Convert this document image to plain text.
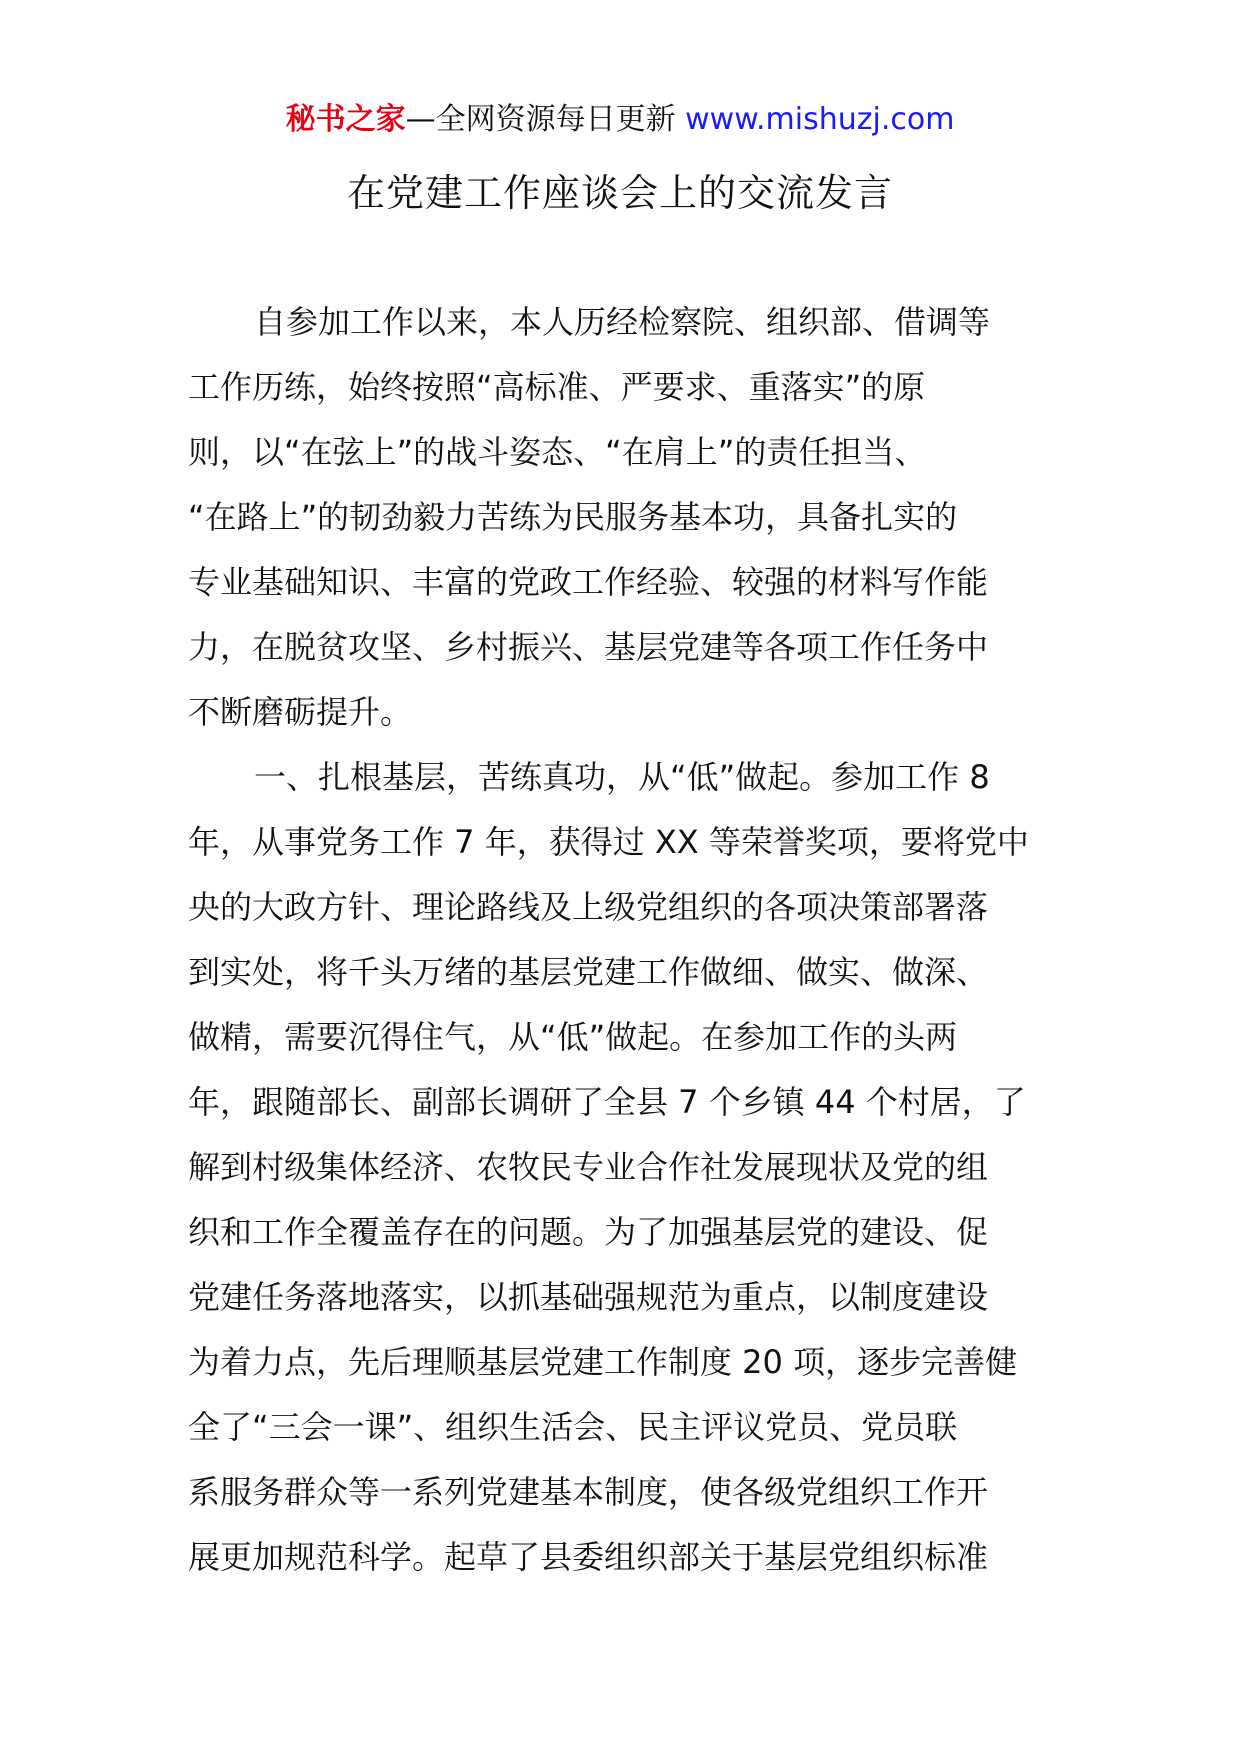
秘书之家—全网资源每日更新 www.mishuzj.com
在党建工作座谈会上的交流发言
自参加工作以来，本人历经检察院、组织部、借调等
工作历练，始终按照“高标准、严要求、重落实”的原
则，以“在弦上”的战斗姿态、“在肩上”的责任担当、
“在路上”的韧劲毅力苦练为民服务基本功，具备扎实的
专业基础知识、丰富的党政工作经验、较强的材料写作能
力，在脱贫攻坚、乡村振兴、基层党建等各项工作任务中
不断磨砺提升。
一、扎根基层，苦练真功，从“低”做起。参加工作 8
年，从事党务工作 7 年，获得过 XX 等荣誉奖项，要将党中
央的大政方针、理论路线及上级党组织的各项决策部署落
到实处，将千头万绪的基层党建工作做细、做实、做深、
做精，需要沉得住气，从“低”做起。在参加工作的头两
年，跟随部长、副部长调研了全县 7 个乡镇 44 个村居，了
解到村级集体经济、农牧民专业合作社发展现状及党的组
织和工作全覆盖存在的问题。为了加强基层党的建设、促
党建任务落地落实，以抓基础强规范为重点，以制度建设
为着力点，先后理顺基层党建工作制度 20 项，逐步完善健
全了“三会一课”、组织生活会、民主评议党员、党员联
系服务群众等一系列党建基本制度，使各级党组织工作开
展更加规范科学。起草了县委组织部关于基层党组织标准
